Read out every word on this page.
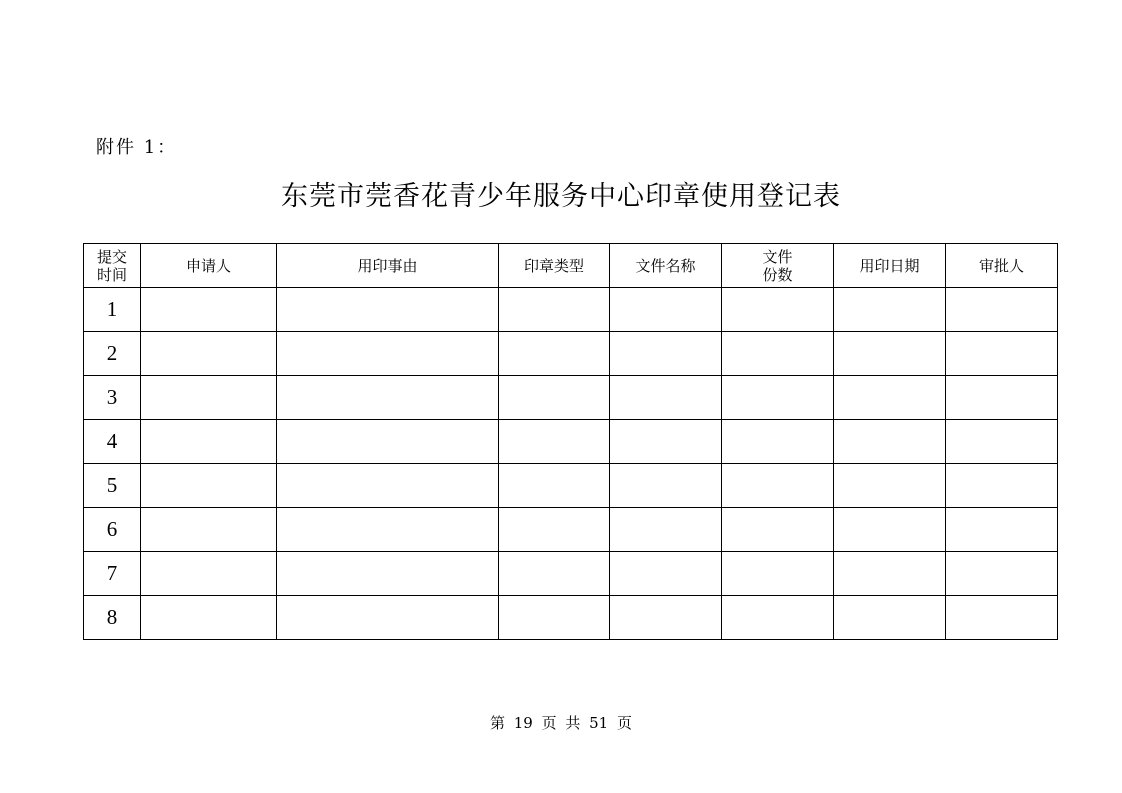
附件 1：
东莞市莞香花青少年服务中心印章使用登记表
提交时间	申请人	用印事由	印章类型	文件名称	文件份数	用印日期	审批人
1							
2							
3							
4							
5							
6							
7							
8							
第 19 页 共 51 页
